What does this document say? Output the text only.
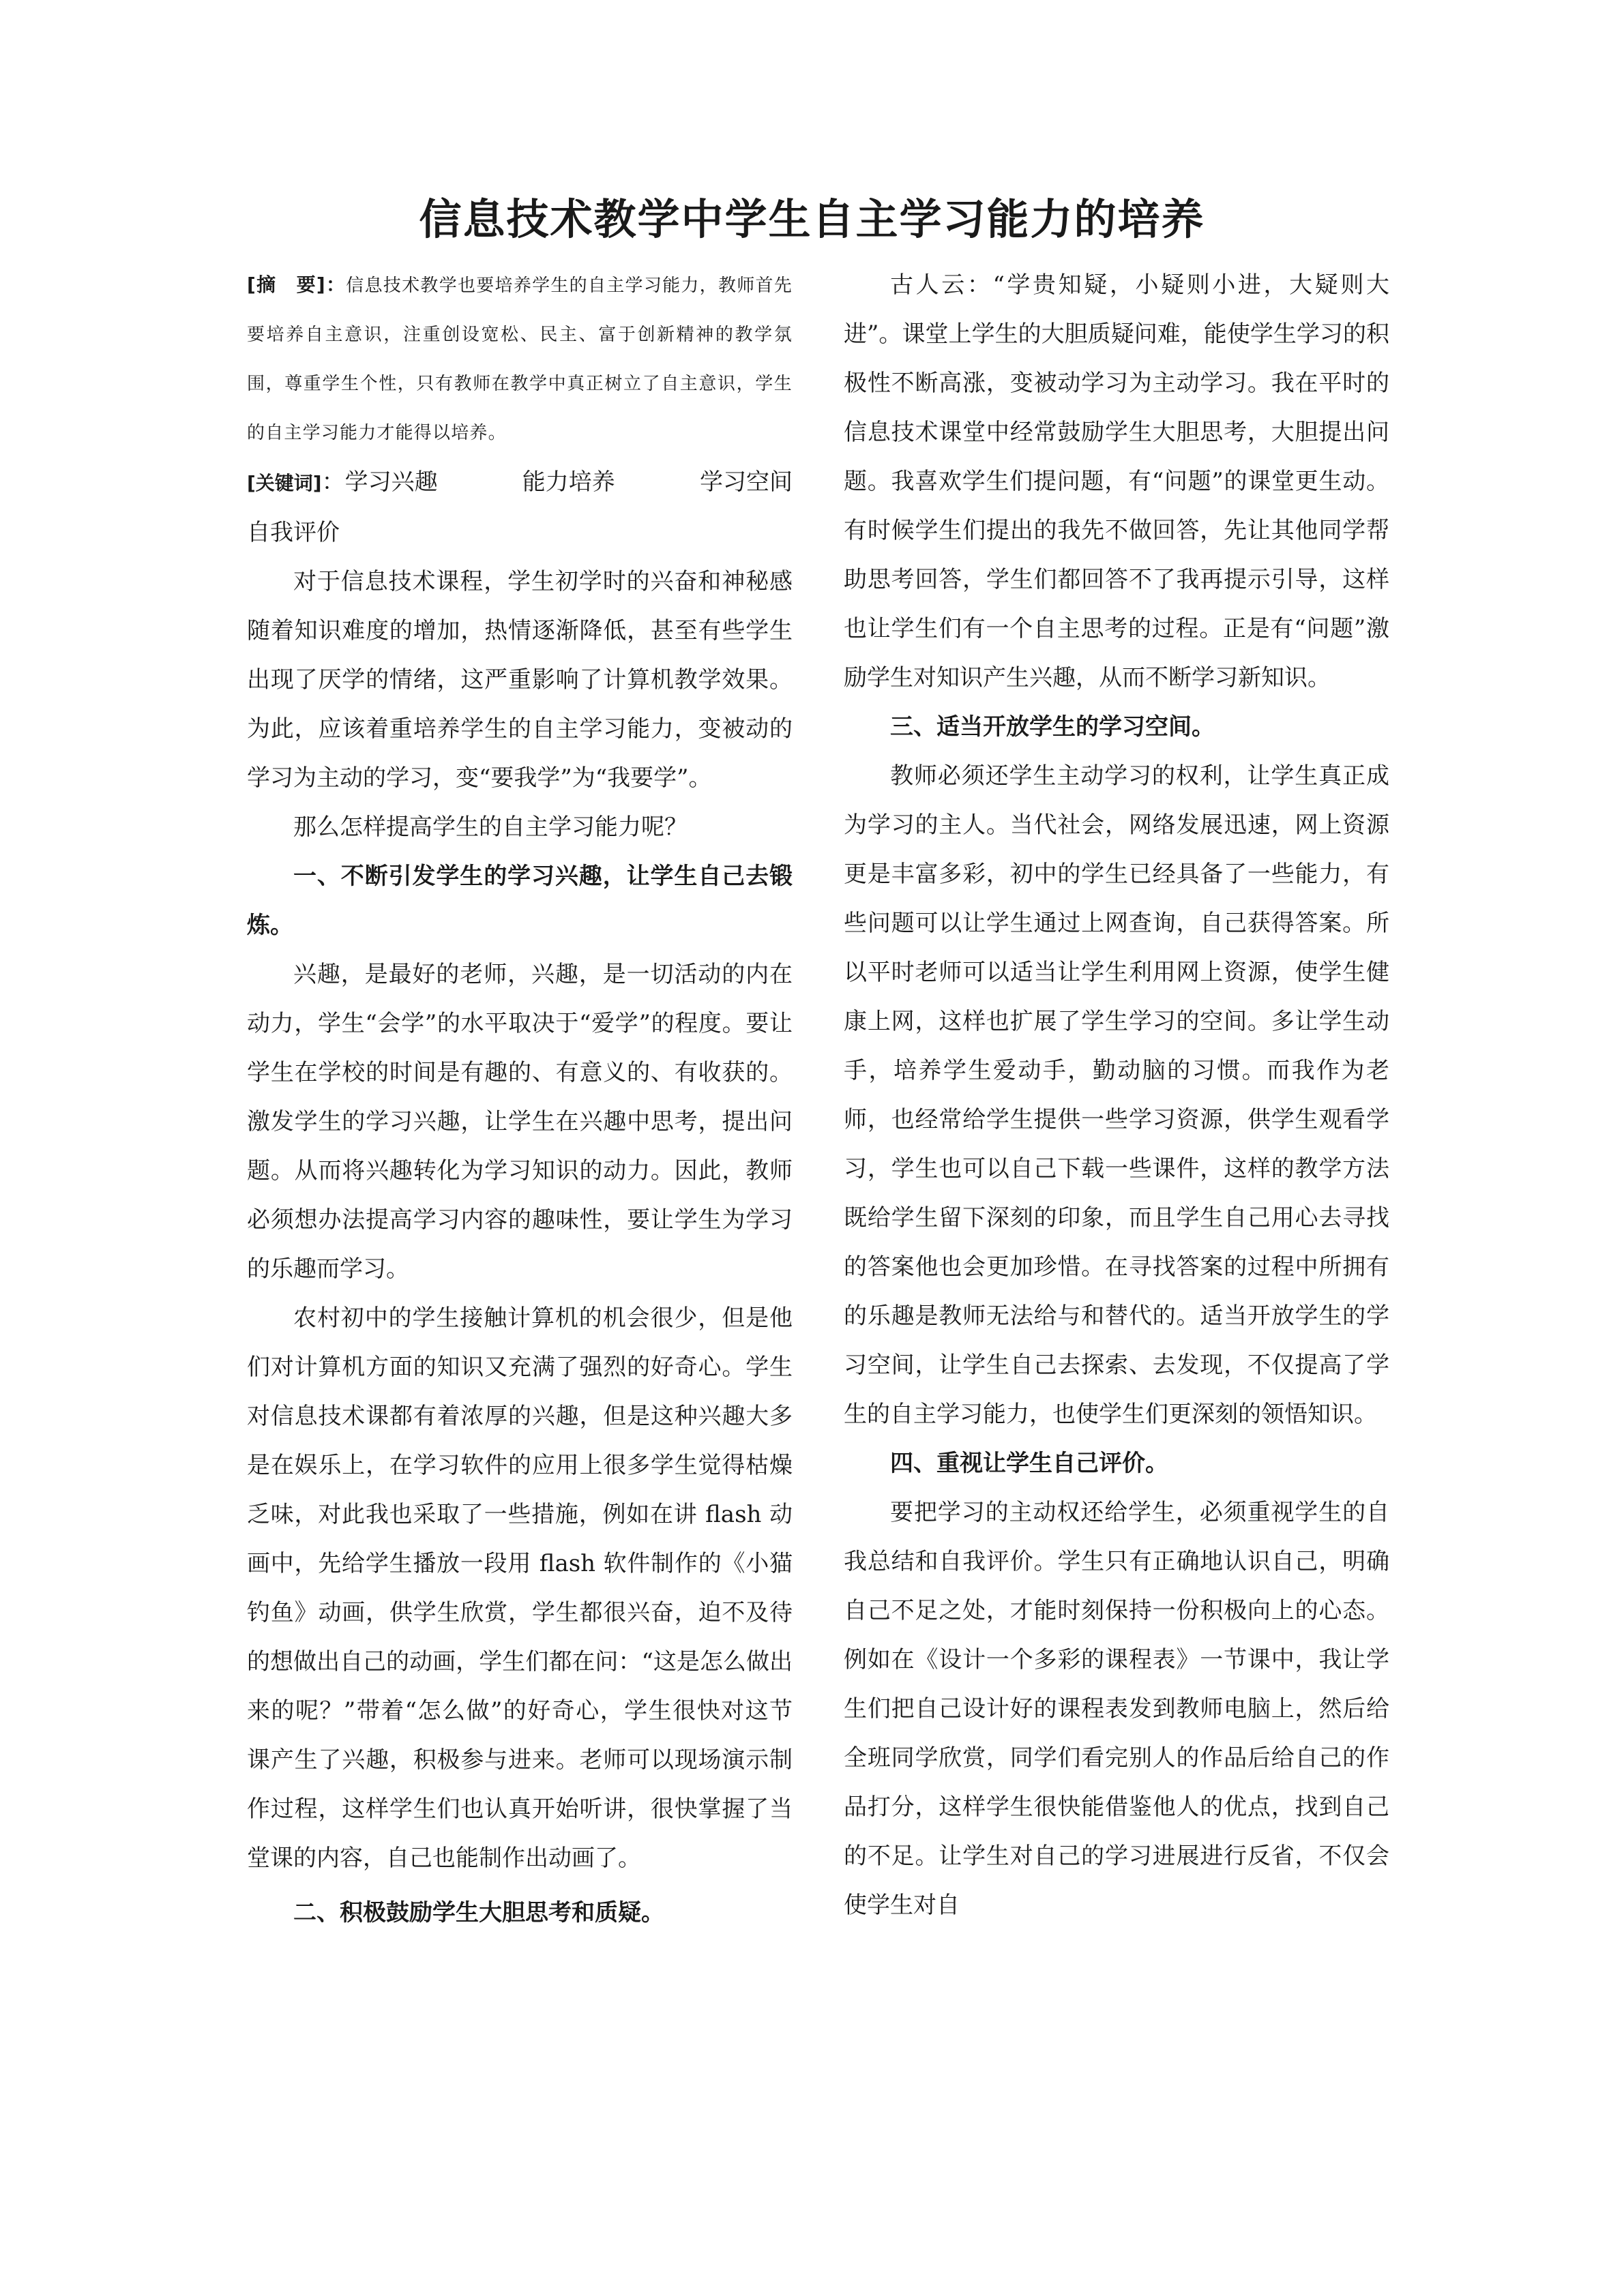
信息技术教学中学生自主学习能力的培养

[摘　要]：信息技术教学也要培养学生的自主学习能力，教师首先要培养自主意识，注重创设宽松、民主、富于创新精神的教学氛围，尊重学生个性，只有教师在教学中真正树立了自主意识，学生的自主学习能力才能得以培养。

[关键词]：学习兴趣	能力培养	学习空间
自我评价

对于信息技术课程，学生初学时的兴奋和神秘感随着知识难度的增加，热情逐渐降低，甚至有些学生出现了厌学的情绪，这严重影响了计算机教学效果。为此，应该着重培养学生的自主学习能力，变被动的学习为主动的学习，变“要我学”为“我要学”。

那么怎样提高学生的自主学习能力呢？

一、不断引发学生的学习兴趣，让学生自己去锻炼。

兴趣，是最好的老师，兴趣，是一切活动的内在动力，学生“会学”的水平取决于“爱学”的程度。要让学生在学校的时间是有趣的、有意义的、有收获的。激发学生的学习兴趣，让学生在兴趣中思考，提出问题。从而将兴趣转化为学习知识的动力。因此，教师必须想办法提高学习内容的趣味性，要让学生为学习的乐趣而学习。

农村初中的学生接触计算机的机会很少，但是他们对计算机方面的知识又充满了强烈的好奇心。学生对信息技术课都有着浓厚的兴趣，但是这种兴趣大多是在娱乐上，在学习软件的应用上很多学生觉得枯燥乏味，对此我也采取了一些措施，例如在讲 flash 动画中，先给学生播放一段用 flash 软件制作的《小猫钓鱼》动画，供学生欣赏，学生都很兴奋，迫不及待的想做出自己的动画，学生们都在问：“这是怎么做出来的呢？”带着“怎么做”的好奇心，学生很快对这节课产生了兴趣，积极参与进来。老师可以现场演示制作过程，这样学生们也认真开始听讲，很快掌握了当堂课的内容，自己也能制作出动画了。

二、积极鼓励学生大胆思考和质疑。

古人云：“学贵知疑，小疑则小进，大疑则大进”。课堂上学生的大胆质疑问难，能使学生学习的积极性不断高涨，变被动学习为主动学习。我在平时的信息技术课堂中经常鼓励学生大胆思考，大胆提出问题。我喜欢学生们提问题，有“问题”的课堂更生动。有时候学生们提出的我先不做回答，先让其他同学帮助思考回答，学生们都回答不了我再提示引导，这样也让学生们有一个自主思考的过程。正是有“问题”激励学生对知识产生兴趣，从而不断学习新知识。

三、适当开放学生的学习空间。

教师必须还学生主动学习的权利，让学生真正成为学习的主人。当代社会，网络发展迅速，网上资源更是丰富多彩，初中的学生已经具备了一些能力，有些问题可以让学生通过上网查询，自己获得答案。所以平时老师可以适当让学生利用网上资源，使学生健康上网，这样也扩展了学生学习的空间。多让学生动手，培养学生爱动手，勤动脑的习惯。而我作为老师，也经常给学生提供一些学习资源，供学生观看学习，学生也可以自己下载一些课件，这样的教学方法既给学生留下深刻的印象，而且学生自己用心去寻找的答案他也会更加珍惜。在寻找答案的过程中所拥有的乐趣是教师无法给与和替代的。适当开放学生的学习空间，让学生自己去探索、去发现，不仅提高了学生的自主学习能力，也使学生们更深刻的领悟知识。

四、重视让学生自己评价。

要把学习的主动权还给学生，必须重视学生的自我总结和自我评价。学生只有正确地认识自己，明确自己不足之处，才能时刻保持一份积极向上的心态。例如在《设计一个多彩的课程表》一节课中，我让学生们把自己设计好的课程表发到教师电脑上，然后给全班同学欣赏，同学们看完别人的作品后给自己的作品打分，这样学生很快能借鉴他人的优点，找到自己的不足。让学生对自己的学习进展进行反省，不仅会使学生对自
